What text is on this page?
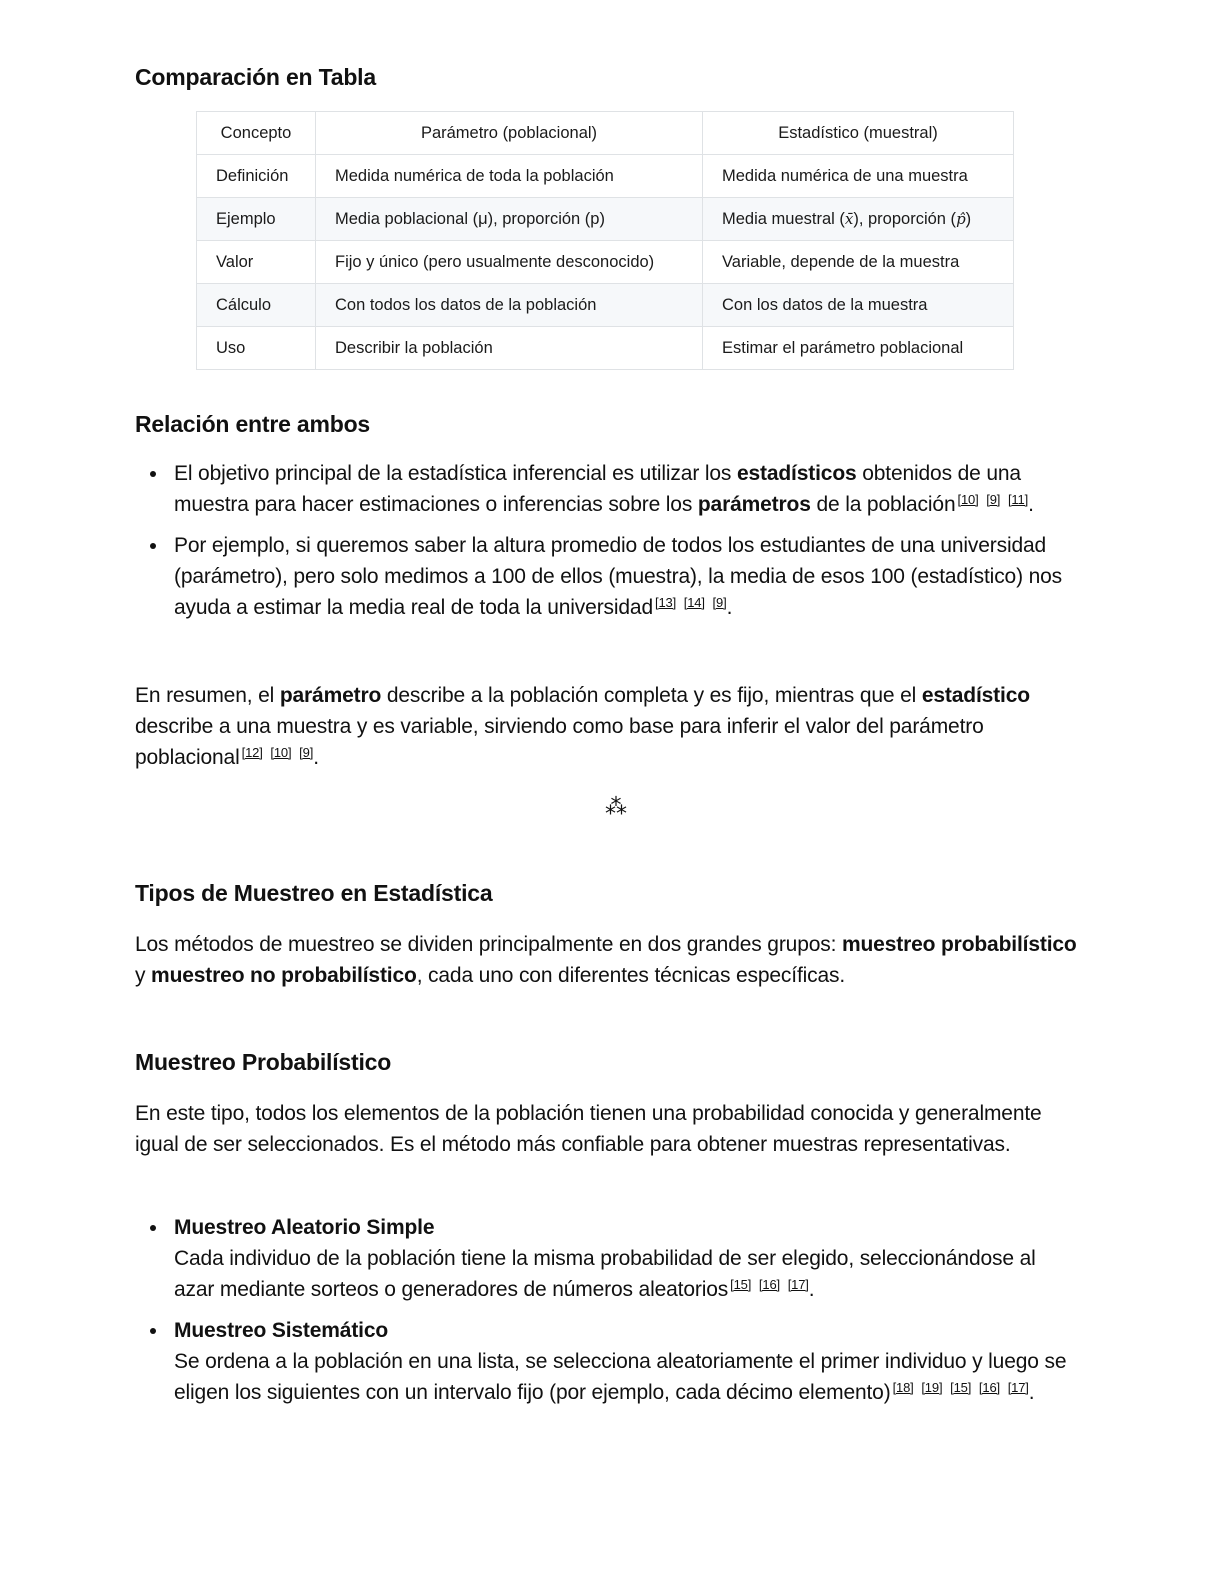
Comparación en Tabla
Concepto	Parámetro (poblacional)	Estadístico (muestral)
Definición	Medida numérica de toda la población	Medida numérica de una muestra
Ejemplo	Media poblacional (μ), proporción (p)	Media muestral (x̄), proporción (p̂)
Valor	Fijo y único (pero usualmente desconocido)	Variable, depende de la muestra
Cálculo	Con todos los datos de la población	Con los datos de la muestra
Uso	Describir la población	Estimar el parámetro poblacional
Relación entre ambos
El objetivo principal de la estadística inferencial es utilizar los estadísticos obtenidos de una muestra para hacer estimaciones o inferencias sobre los parámetros de la población [10] [9] [11].
Por ejemplo, si queremos saber la altura promedio de todos los estudiantes de una universidad (parámetro), pero solo medimos a 100 de ellos (muestra), la media de esos 100 (estadístico) nos ayuda a estimar la media real de toda la universidad [13] [14] [9].

En resumen, el parámetro describe a la población completa y es fijo, mientras que el estadístico describe a una muestra y es variable, sirviendo como base para inferir el valor del parámetro poblacional [12] [10] [9].

⁂
Tipos de Muestreo en Estadística

Los métodos de muestreo se dividen principalmente en dos grandes grupos: muestreo probabilístico y muestreo no probabilístico, cada uno con diferentes técnicas específicas.

Muestreo Probabilístico

En este tipo, todos los elementos de la población tienen una probabilidad conocida y generalmente igual de ser seleccionados. Es el método más confiable para obtener muestras representativas.

Muestreo Aleatorio Simple
Cada individuo de la población tiene la misma probabilidad de ser elegido, seleccionándose al azar mediante sorteos o generadores de números aleatorios [15] [16] [17].
Muestreo Sistemático
Se ordena a la población en una lista, se selecciona aleatoriamente el primer individuo y luego se eligen los siguientes con un intervalo fijo (por ejemplo, cada décimo elemento) [18] [19] [15] [16] [17].
